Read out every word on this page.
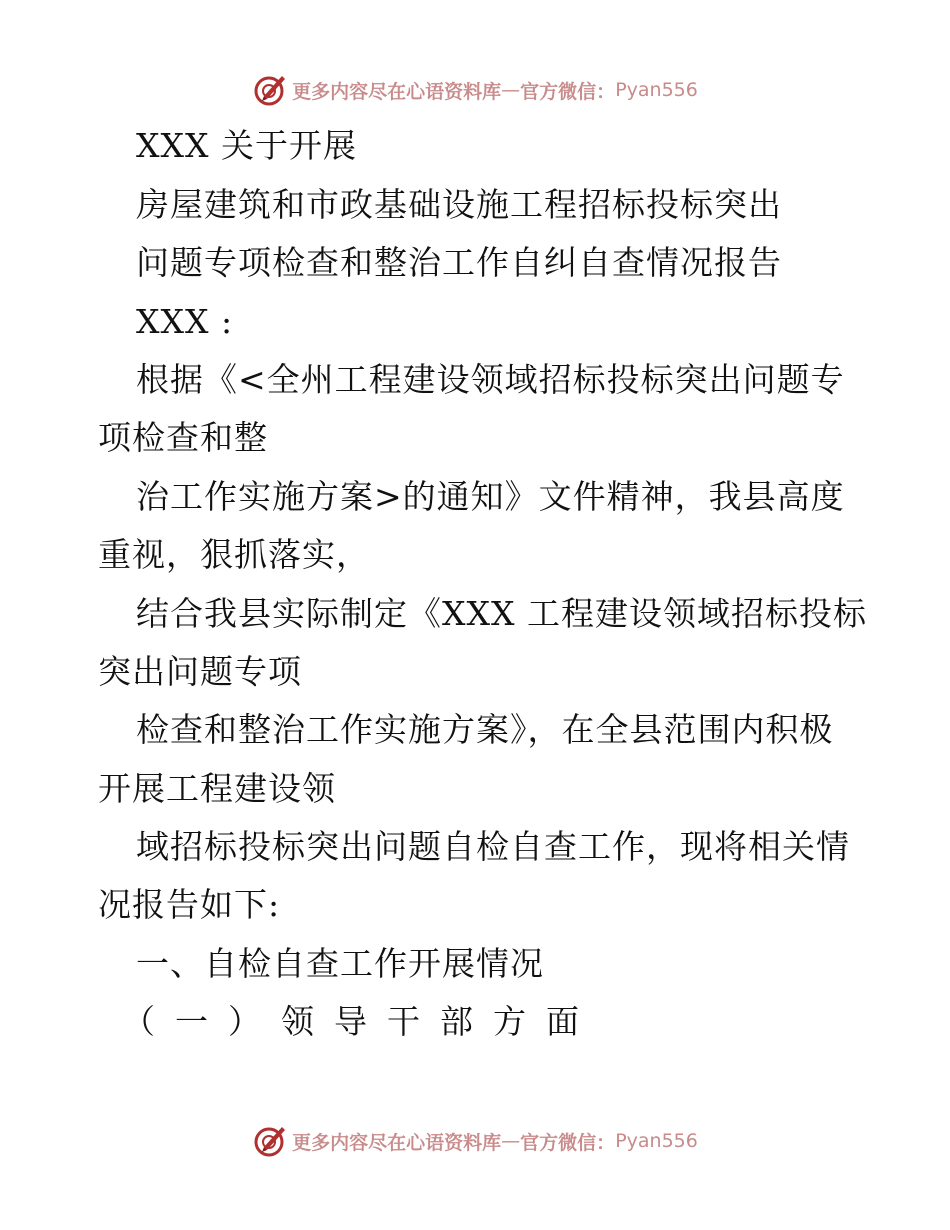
更多内容尽在心语资料库 — 官方微信： Pyan556
XXX 关于开展
房屋建筑和市政基础设施工程招标投标突出
问题专项检查和整治工作自纠自查情况报告
XXX :
根据《<全州工程建设领域招标投标突出问题专
项检查和整
治工作实施方案>的通知》文件精神，我县高度
重视，狠抓落实，
结合我县实际制定《XXX 工程建设领域招标投标
突出问题专项
检查和整治工作实施方案》，在全县范围内积极
开展工程建设领
域招标投标突出问题自检自查工作，现将相关情
况报告如下:
一、自检自查工作开展情况
（一）领导干部方面
更多内容尽在心语资料库 — 官方微信： Pyan556
